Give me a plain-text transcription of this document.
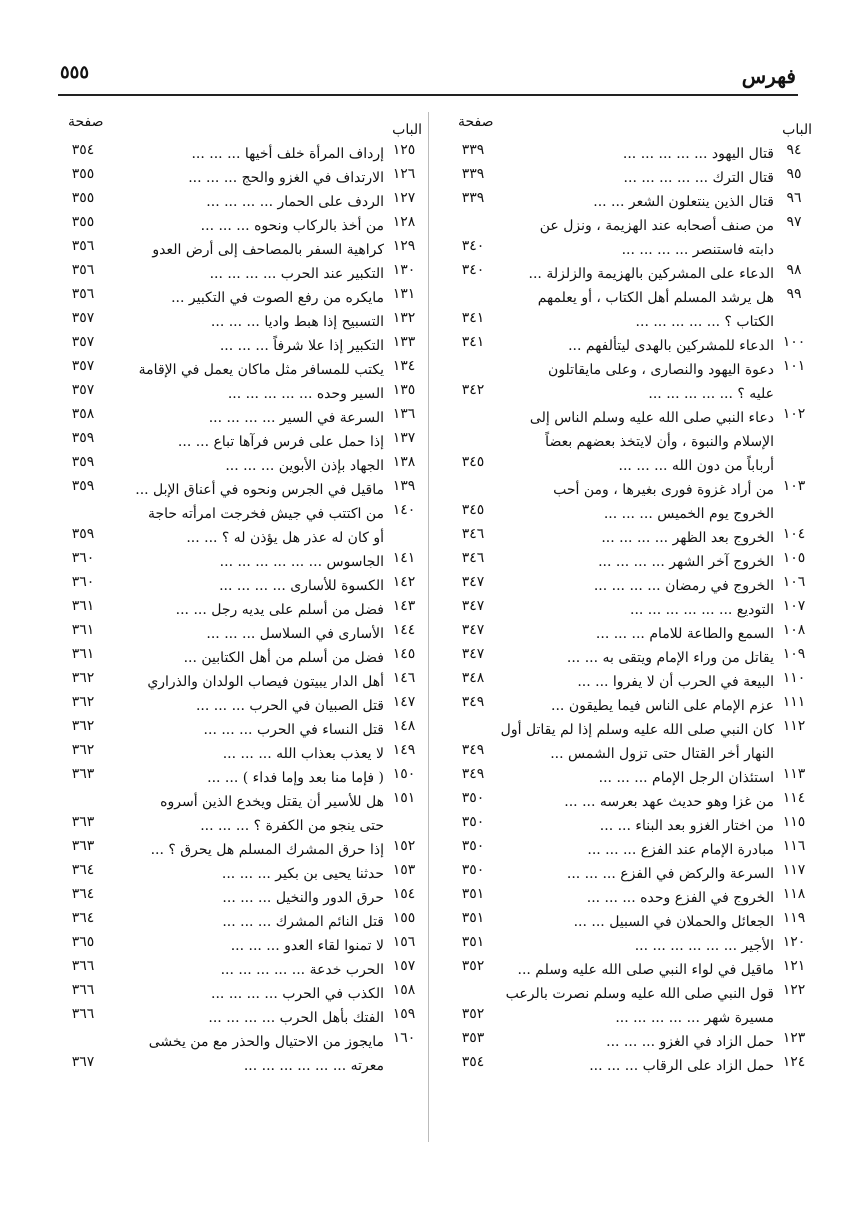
٥٥٥	فهرس
الباب
صفحة
٩٤
قتال اليهود ... ... ... ... ...
٣٣٩
٩٥
قتال الترك ... ... ... ... ...
٣٣٩
٩٦
قتال الذين ينتعلون الشعر ... ...
٣٣٩
٩٧
من صنف أصحابه عند الهزيمة ، ونزل عن
دابته فاستنصر ... ... ... ...
٣٤٠
٩٨
الدعاء على المشركين بالهزيمة والزلزلة ...
٣٤٠
٩٩
هل يرشد المسلم أهل الكتاب ، أو يعلمهم
الكتاب ؟ ... ... ... ... ...
٣٤١
١٠٠
الدعاء للمشركين بالهدى ليتألفهم ...
٣٤١
١٠١
دعوة اليهود والنصارى ، وعلى مايقاتلون
عليه ؟ ... ... ... ... ...
٣٤٢
١٠٢
دعاء النبي صلى الله عليه وسلم الناس إلى
الإسلام والنبوة ، وأن لايتخذ بعضهم بعضاً
أرباباً من دون الله ... ... ...
٣٤٥
١٠٣
من أراد غزوة فورى بغيرها ، ومن أحب
الخروج يوم الخميس ... ... ...
٣٤٥
١٠٤
الخروج بعد الظهر ... ... ... ...
٣٤٦
١٠٥
الخروج آخر الشهر ... ... ... ...
٣٤٦
١٠٦
الخروج في رمضان ... ... ... ...
٣٤٧
١٠٧
التوديع ... ... ... ... ... ...
٣٤٧
١٠٨
السمع والطاعة للامام ... ... ...
٣٤٧
١٠٩
يقاتل من وراء الإمام ويتقى به ... ...
٣٤٧
١١٠
البيعة في الحرب أن لا يفروا ... ...
٣٤٨
١١١
عزم الإمام على الناس فيما يطيقون ...
٣٤٩
١١٢
كان النبي صلى الله عليه وسلم إذا لم يقاتل أول
النهار أخر القتال حتى تزول الشمس ...
٣٤٩
١١٣
استئذان الرجل الإمام ... ... ...
٣٤٩
١١٤
من غزا وهو حديث عهد بعرسه ... ...
٣٥٠
١١٥
من اختار الغزو بعد البناء ... ...
٣٥٠
١١٦
مبادرة الإمام عند الفزع ... ... ...
٣٥٠
١١٧
السرعة والركض في الفزع ... ... ...
٣٥٠
١١٨
الخروج في الفزع وحده ... ... ...
٣٥١
١١٩
الجعائل والحملان في السبيل ... ...
٣٥١
١٢٠
الأجير ... ... ... ... ... ...
٣٥١
١٢١
ماقيل في لواء النبي صلى الله عليه وسلم ...
٣٥٢
١٢٢
قول النبي صلى الله عليه وسلم نصرت بالرعب
مسيرة شهر ... ... ... ... ...
٣٥٢
١٢٣
حمل الزاد في الغزو ... ... ...
٣٥٣
١٢٤
حمل الزاد على الرقاب ... ... ...
٣٥٤
الباب
صفحة
١٢٥
إرداف المرأة خلف أخيها ... ... ...
٣٥٤
١٢٦
الارتداف في الغزو والحج ... ... ...
٣٥٥
١٢٧
الردف على الحمار ... ... ... ...
٣٥٥
١٢٨
من أخذ بالركاب ونحوه ... ... ...
٣٥٥
١٢٩
كراهية السفر بالمصاحف إلى أرض العدو
٣٥٦
١٣٠
التكبير عند الحرب ... ... ... ...
٣٥٦
١٣١
مايكره من رفع الصوت في التكبير ...
٣٥٦
١٣٢
التسبيح إذا هبط واديا ... ... ...
٣٥٧
١٣٣
التكبير إذا علا شرفاً ... ... ...
٣٥٧
١٣٤
يكتب للمسافر مثل ماكان يعمل في الإقامة
٣٥٧
١٣٥
السير وحده ... ... ... ... ...
٣٥٧
١٣٦
السرعة في السير ... ... ... ...
٣٥٨
١٣٧
إذا حمل على فرس فرآها تباع ... ...
٣٥٩
١٣٨
الجهاد بإذن الأبوين ... ... ...
٣٥٩
١٣٩
ماقيل في الجرس ونحوه في أعناق الإبل ...
٣٥٩
١٤٠
من اكتتب في جيش فخرجت امرأته حاجة
أو كان له عذر هل يؤذن له ؟ ... ...
٣٥٩
١٤١
الجاسوس ... ... ... ... ... ...
٣٦٠
١٤٢
الكسوة للأسارى ... ... ... ...
٣٦٠
١٤٣
فضل من أسلم على يديه رجل ... ...
٣٦١
١٤٤
الأسارى في السلاسل ... ... ...
٣٦١
١٤٥
فضل من أسلم من أهل الكتابين ...
٣٦١
١٤٦
أهل الدار يبيتون فيصاب الولدان والذراري
٣٦٢
١٤٧
قتل الصبيان في الحرب ... ... ...
٣٦٢
١٤٨
قتل النساء في الحرب ... ... ...
٣٦٢
١٤٩
لا يعذب بعذاب الله ... ... ...
٣٦٢
١٥٠
( فإما منا بعد وإما فداء ) ... ...
٣٦٣
١٥١
هل للأسير أن يقتل ويخدع الذين أسروه
حتى ينجو من الكفرة ؟ ... ... ...
٣٦٣
١٥٢
إذا حرق المشرك المسلم هل يحرق ؟ ...
٣٦٣
١٥٣
حدثنا يحيى بن بكير ... ... ...
٣٦٤
١٥٤
حرق الدور والنخيل ... ... ...
٣٦٤
١٥٥
قتل النائم المشرك ... ... ...
٣٦٤
١٥٦
لا تمنوا لقاء العدو ... ... ...
٣٦٥
١٥٧
الحرب خدعة ... ... ... ... ...
٣٦٦
١٥٨
الكذب في الحرب ... ... ... ...
٣٦٦
١٥٩
الفتك بأهل الحرب ... ... ... ...
٣٦٦
١٦٠
مايجوز من الاحتيال والحذر مع من يخشى
معرته ... ... ... ... ... ...
٣٦٧
